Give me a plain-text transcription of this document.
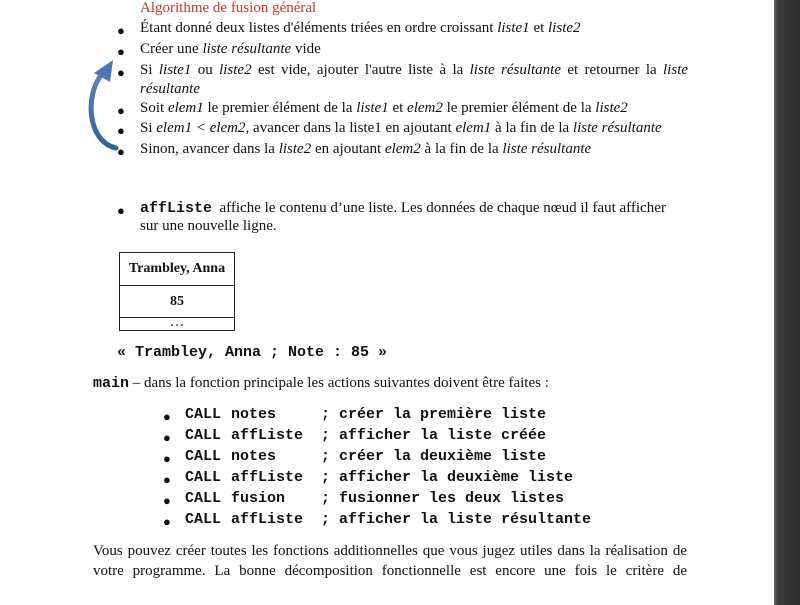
Algorithme de fusion général
● Étant donné deux listes d'éléments triées en ordre croissant liste1 et liste2
● Créer une liste résultante vide
● Si liste1 ou liste2 est vide, ajouter l'autre liste à la liste résultante et retourner la liste
résultante
● Soit elem1 le premier élément de la liste1 et elem2 le premier élément de la liste2
● Si elem1 < elem2, avancer dans la liste1 en ajoutant elem1 à la fin de la liste résultante
● Sinon, avancer dans la liste2 en ajoutant elem2 à la fin de la liste résultante
● affListe affiche le contenu d’une liste. Les données de chaque nœud il faut afficher
sur une nouvelle ligne.
Trambley, Anna
85
. . .
« Trambley, Anna ; Note : 85 »
main – dans la fonction principale les actions suivantes doivent être faites :
● CALL notes	; créer la première liste
● CALL affListe ; afficher la liste créée
● CALL notes	; créer la deuxième liste
● CALL affListe ; afficher la deuxième liste
● CALL fusion ; fusionner les deux listes
● CALL affListe ; afficher la liste résultante
Vous pouvez créer toutes les fonctions additionnelles que vous jugez utiles dans la réalisation de
votre programme. La bonne décomposition fonctionnelle est encore une fois le critère de
